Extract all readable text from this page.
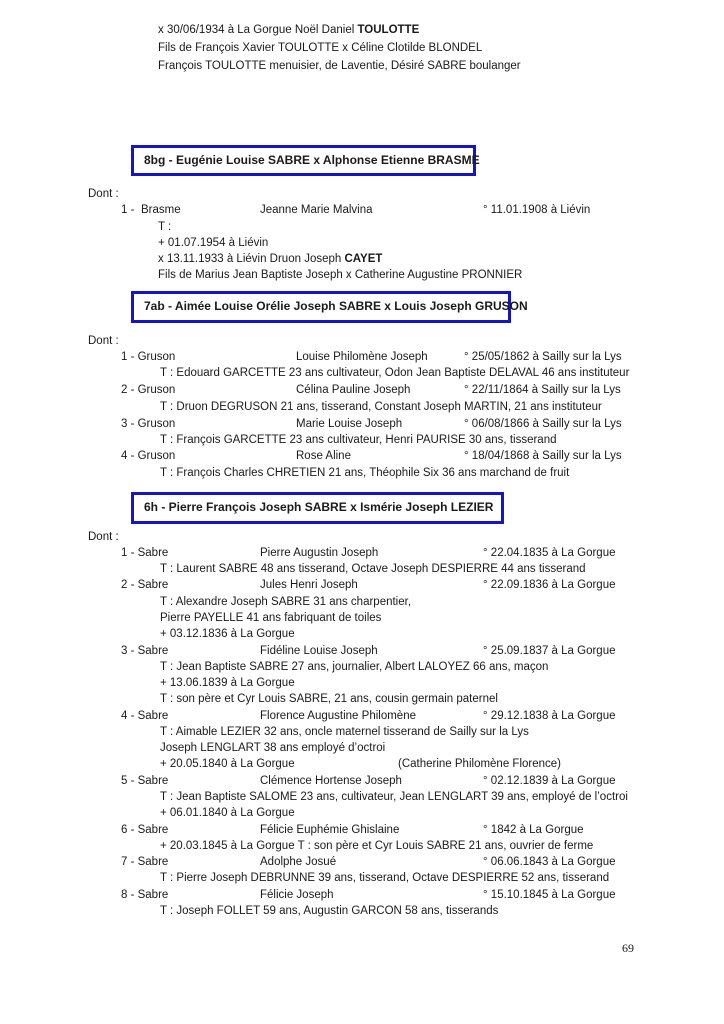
x 30/06/1934 à La Gorgue Noël Daniel TOULOTTE
Fils de François Xavier TOULOTTE x Céline Clotilde BLONDEL
François TOULOTTE menuisier, de Laventie, Désiré SABRE boulanger
8bg - Eugénie Louise SABRE x Alphonse Etienne BRASME
Dont :
1 - Brasme	Jeanne Marie Malvina	° 11.01.1908 à Liévin
T :
+ 01.07.1954 à Liévin
x 13.11.1933 à Liévin Druon Joseph CAYET
Fils de Marius Jean Baptiste Joseph x Catherine Augustine PRONNIER
7ab - Aimée Louise Orélie Joseph SABRE x Louis Joseph GRUSON
Dont :
1 - Gruson	Louise Philomène Joseph	° 25/05/1862 à Sailly sur la Lys
T : Edouard GARCETTE 23 ans cultivateur, Odon Jean Baptiste DELAVAL 46 ans instituteur
2 - Gruson	Célina Pauline Joseph	° 22/11/1864 à Sailly sur la Lys
T : Druon DEGRUSON 21 ans, tisserand, Constant Joseph MARTIN, 21 ans instituteur
3 - Gruson	Marie Louise Joseph	° 06/08/1866 à Sailly sur la Lys
T : François GARCETTE 23 ans cultivateur, Henri PAURISE 30 ans, tisserand
4 - Gruson	Rose Aline	° 18/04/1868 à Sailly sur la Lys
T : François Charles CHRETIEN 21 ans, Théophile Six 36 ans marchand de fruit
6h - Pierre François Joseph SABRE x Ismérie Joseph LEZIER
Dont :
1 - Sabre	Pierre Augustin Joseph	° 22.04.1835 à La Gorgue
T : Laurent SABRE 48 ans tisserand, Octave Joseph DESPIERRE 44 ans tisserand
2 - Sabre	Jules Henri Joseph	° 22.09.1836 à La Gorgue
T : Alexandre Joseph SABRE 31 ans charpentier,
Pierre PAYELLE 41 ans fabriquant de toiles
+ 03.12.1836 à La Gorgue
3 - Sabre	Fidéline Louise Joseph	° 25.09.1837 à La Gorgue
T : Jean Baptiste SABRE 27 ans, journalier, Albert LALOYEZ 66 ans, maçon
+ 13.06.1839 à La Gorgue
T : son père et Cyr Louis SABRE, 21 ans, cousin germain paternel
4 - Sabre	Florence Augustine Philomène	° 29.12.1838 à La Gorgue
T : Aimable LEZIER 32 ans, oncle maternel tisserand de Sailly sur la Lys
Joseph LENGLART 38 ans employé d’octroi
+ 20.05.1840 à La Gorgue	(Catherine Philomène Florence)
5 - Sabre	Clémence Hortense Joseph	° 02.12.1839 à La Gorgue
T : Jean Baptiste SALOME 23 ans, cultivateur, Jean LENGLART 39 ans, employé de l’octroi
+ 06.01.1840 à La Gorgue
6 - Sabre	Félicie Euphémie Ghislaine	° 1842 à La Gorgue
+ 20.03.1845 à La Gorgue T : son père et Cyr Louis SABRE 21 ans, ouvrier de ferme
7 - Sabre	Adolphe Josué	° 06.06.1843 à La Gorgue
T : Pierre Joseph DEBRUNNE 39 ans, tisserand, Octave DESPIERRE 52 ans, tisserand
8 - Sabre	Félicie Joseph	° 15.10.1845 à La Gorgue
T : Joseph FOLLET 59 ans, Augustin GARCON 58 ans, tisserands
69
